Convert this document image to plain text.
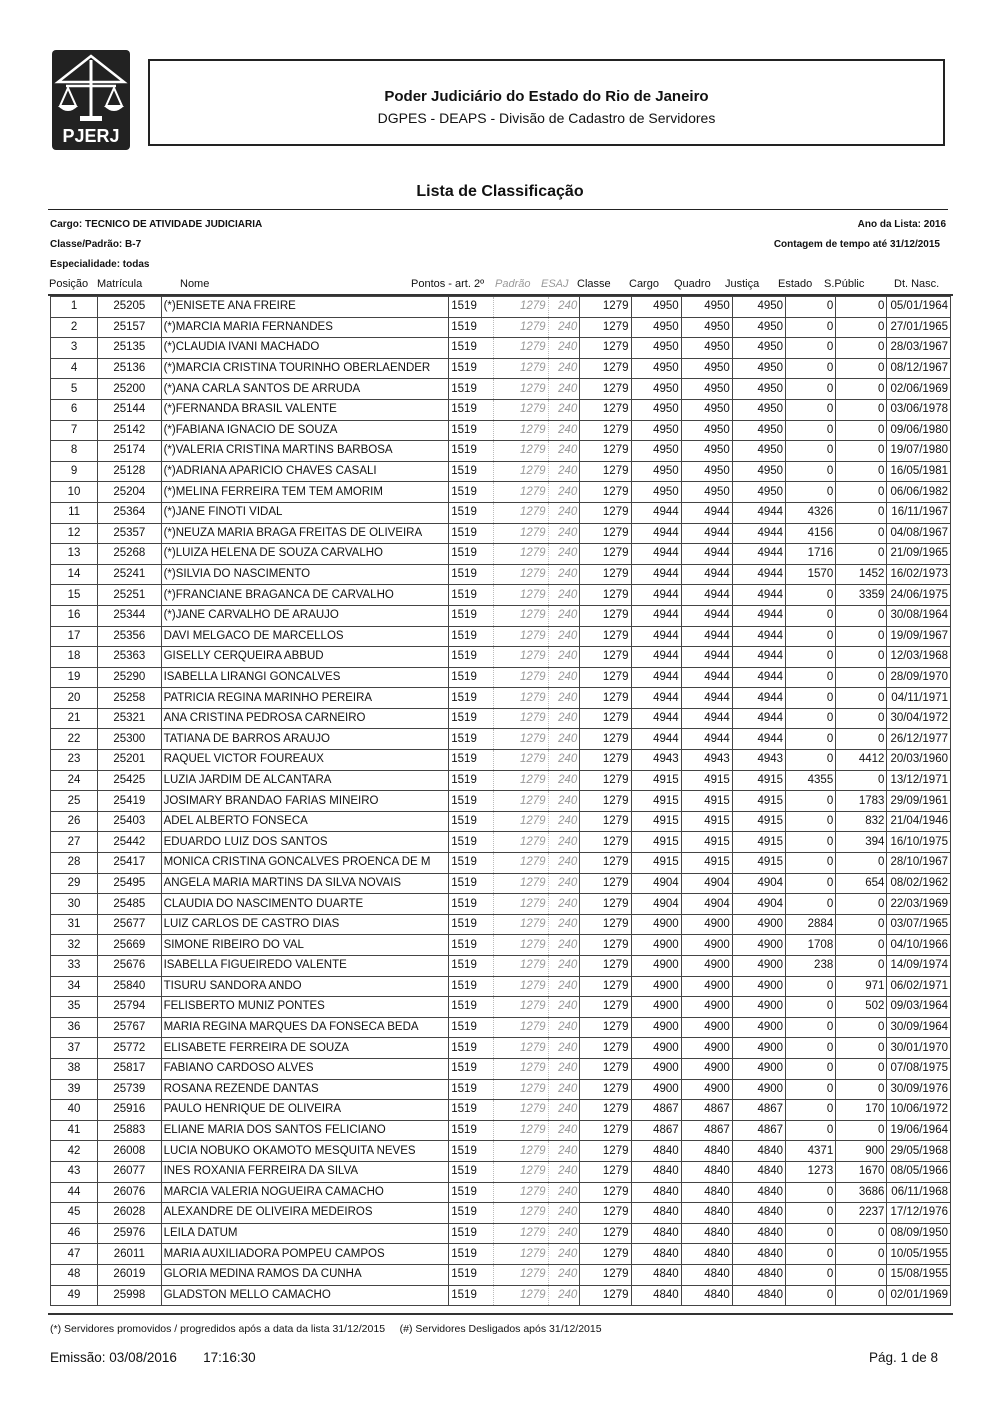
PJERJ
Poder Judiciário do Estado do Rio de Janeiro
DGPES - DEAPS - Divisão de Cadastro de Servidores
Lista de Classificação
Cargo: TECNICO DE ATIVIDADE JUDICIARIA	Ano da Lista: 2016
Classe/Padrão: B-7	Contagem de tempo até 31/12/2015
Especialidade: todas
Posição Matrícula	Nome	Pontos - art. 2º Padrão ESAJ Classe Cargo Quadro Justiça Estado S.Públic	Dt. Nasc.
1	25205	(*)ENISETE ANA FREIRE	1519	1279	240	1279	4950	4950	4950	0	0	05/01/1964
2	25157	(*)MARCIA MARIA FERNANDES	1519	1279	240	1279	4950	4950	4950	0	0	27/01/1965
3	25135	(*)CLAUDIA IVANI MACHADO	1519	1279	240	1279	4950	4950	4950	0	0	28/03/1967
4	25136	(*)MARCIA CRISTINA TOURINHO OBERLAENDER	1519	1279	240	1279	4950	4950	4950	0	0	08/12/1967
5	25200	(*)ANA CARLA SANTOS DE ARRUDA	1519	1279	240	1279	4950	4950	4950	0	0	02/06/1969
6	25144	(*)FERNANDA BRASIL VALENTE	1519	1279	240	1279	4950	4950	4950	0	0	03/06/1978
7	25142	(*)FABIANA IGNACIO DE SOUZA	1519	1279	240	1279	4950	4950	4950	0	0	09/06/1980
8	25174	(*)VALERIA CRISTINA MARTINS BARBOSA	1519	1279	240	1279	4950	4950	4950	0	0	19/07/1980
9	25128	(*)ADRIANA APARICIO CHAVES CASALI	1519	1279	240	1279	4950	4950	4950	0	0	16/05/1981
10	25204	(*)MELINA FERREIRA TEM TEM AMORIM	1519	1279	240	1279	4950	4950	4950	0	0	06/06/1982
11	25364	(*)JANE FINOTI VIDAL	1519	1279	240	1279	4944	4944	4944	4326	0	16/11/1967
12	25357	(*)NEUZA MARIA BRAGA FREITAS DE OLIVEIRA	1519	1279	240	1279	4944	4944	4944	4156	0	04/08/1967
13	25268	(*)LUIZA HELENA DE SOUZA CARVALHO	1519	1279	240	1279	4944	4944	4944	1716	0	21/09/1965
14	25241	(*)SILVIA DO NASCIMENTO	1519	1279	240	1279	4944	4944	4944	1570	1452	16/02/1973
15	25251	(*)FRANCIANE BRAGANCA DE CARVALHO	1519	1279	240	1279	4944	4944	4944	0	3359	24/06/1975
16	25344	(*)JANE CARVALHO DE ARAUJO	1519	1279	240	1279	4944	4944	4944	0	0	30/08/1964
17	25356	DAVI MELGACO DE MARCELLOS	1519	1279	240	1279	4944	4944	4944	0	0	19/09/1967
18	25363	GISELLY CERQUEIRA ABBUD	1519	1279	240	1279	4944	4944	4944	0	0	12/03/1968
19	25290	ISABELLA LIRANGI GONCALVES	1519	1279	240	1279	4944	4944	4944	0	0	28/09/1970
20	25258	PATRICIA REGINA MARINHO PEREIRA	1519	1279	240	1279	4944	4944	4944	0	0	04/11/1971
21	25321	ANA CRISTINA PEDROSA CARNEIRO	1519	1279	240	1279	4944	4944	4944	0	0	30/04/1972
22	25300	TATIANA DE BARROS ARAUJO	1519	1279	240	1279	4944	4944	4944	0	0	26/12/1977
23	25201	RAQUEL VICTOR FOUREAUX	1519	1279	240	1279	4943	4943	4943	0	4412	20/03/1960
24	25425	LUZIA JARDIM DE ALCANTARA	1519	1279	240	1279	4915	4915	4915	4355	0	13/12/1971
25	25419	JOSIMARY BRANDAO FARIAS MINEIRO	1519	1279	240	1279	4915	4915	4915	0	1783	29/09/1961
26	25403	ADEL ALBERTO FONSECA	1519	1279	240	1279	4915	4915	4915	0	832	21/04/1946
27	25442	EDUARDO LUIZ DOS SANTOS	1519	1279	240	1279	4915	4915	4915	0	394	16/10/1975
28	25417	MONICA CRISTINA GONCALVES PROENCA DE M	1519	1279	240	1279	4915	4915	4915	0	0	28/10/1967
29	25495	ANGELA MARIA MARTINS DA SILVA NOVAIS	1519	1279	240	1279	4904	4904	4904	0	654	08/02/1962
30	25485	CLAUDIA DO NASCIMENTO DUARTE	1519	1279	240	1279	4904	4904	4904	0	0	22/03/1969
31	25677	LUIZ CARLOS DE CASTRO DIAS	1519	1279	240	1279	4900	4900	4900	2884	0	03/07/1965
32	25669	SIMONE RIBEIRO DO VAL	1519	1279	240	1279	4900	4900	4900	1708	0	04/10/1966
33	25676	ISABELLA FIGUEIREDO VALENTE	1519	1279	240	1279	4900	4900	4900	238	0	14/09/1974
34	25840	TISURU SANDORA ANDO	1519	1279	240	1279	4900	4900	4900	0	971	06/02/1971
35	25794	FELISBERTO MUNIZ PONTES	1519	1279	240	1279	4900	4900	4900	0	502	09/03/1964
36	25767	MARIA REGINA MARQUES DA FONSECA BEDA	1519	1279	240	1279	4900	4900	4900	0	0	30/09/1964
37	25772	ELISABETE FERREIRA DE SOUZA	1519	1279	240	1279	4900	4900	4900	0	0	30/01/1970
38	25817	FABIANO CARDOSO ALVES	1519	1279	240	1279	4900	4900	4900	0	0	07/08/1975
39	25739	ROSANA REZENDE DANTAS	1519	1279	240	1279	4900	4900	4900	0	0	30/09/1976
40	25916	PAULO HENRIQUE DE OLIVEIRA	1519	1279	240	1279	4867	4867	4867	0	170	10/06/1972
41	25883	ELIANE MARIA DOS SANTOS FELICIANO	1519	1279	240	1279	4867	4867	4867	0	0	19/06/1964
42	26008	LUCIA NOBUKO OKAMOTO MESQUITA NEVES	1519	1279	240	1279	4840	4840	4840	4371	900	29/05/1968
43	26077	INES ROXANIA FERREIRA DA SILVA	1519	1279	240	1279	4840	4840	4840	1273	1670	08/05/1966
44	26076	MARCIA VALERIA NOGUEIRA CAMACHO	1519	1279	240	1279	4840	4840	4840	0	3686	06/11/1968
45	26028	ALEXANDRE DE OLIVEIRA MEDEIROS	1519	1279	240	1279	4840	4840	4840	0	2237	17/12/1976
46	25976	LEILA DATUM	1519	1279	240	1279	4840	4840	4840	0	0	08/09/1950
47	26011	MARIA AUXILIADORA POMPEU CAMPOS	1519	1279	240	1279	4840	4840	4840	0	0	10/05/1955
48	26019	GLORIA MEDINA RAMOS DA CUNHA	1519	1279	240	1279	4840	4840	4840	0	0	15/08/1955
49	25998	GLADSTON MELLO CAMACHO	1519	1279	240	1279	4840	4840	4840	0	0	02/01/1969
(*) Servidores promovidos / progredidos após a data da lista 31/12/2015 (#) Servidores Desligados após 31/12/2015
Emissão: 03/08/2016 17:16:30	Pág. 1 de 8
